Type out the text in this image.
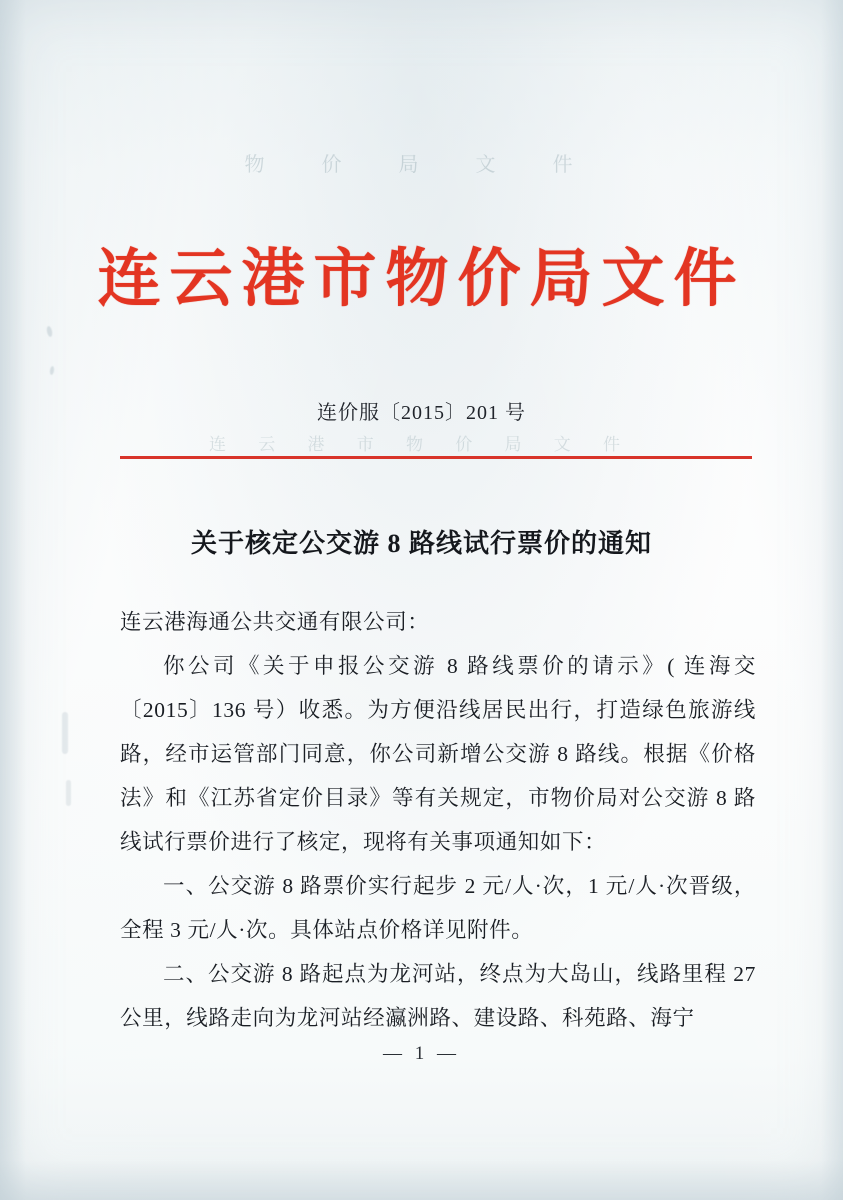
物 价 局 文 件
连 云 港 市 物 价 局 文 件
连云港市物价局文件
连价服〔2015〕201 号
关于核定公交游 8 路线试行票价的通知

连云港海通公共交通有限公司：

你公司《关于申报公交游 8 路线票价的请示》( 连海交〔2015〕136 号）收悉。为方便沿线居民出行，打造绿色旅游线路，经市运管部门同意，你公司新增公交游 8 路线。根据《价格法》和《江苏省定价目录》等有关规定，市物价局对公交游 8 路线试行票价进行了核定，现将有关事项通知如下：

一、公交游 8 路票价实行起步 2 元/人·次，1 元/人·次晋级，全程 3 元/人·次。具体站点价格详见附件。

二、公交游 8 路起点为龙河站，终点为大岛山，线路里程 27 公里，线路走向为龙河站经瀛洲路、建设路、科苑路、海宁

— 1 —
